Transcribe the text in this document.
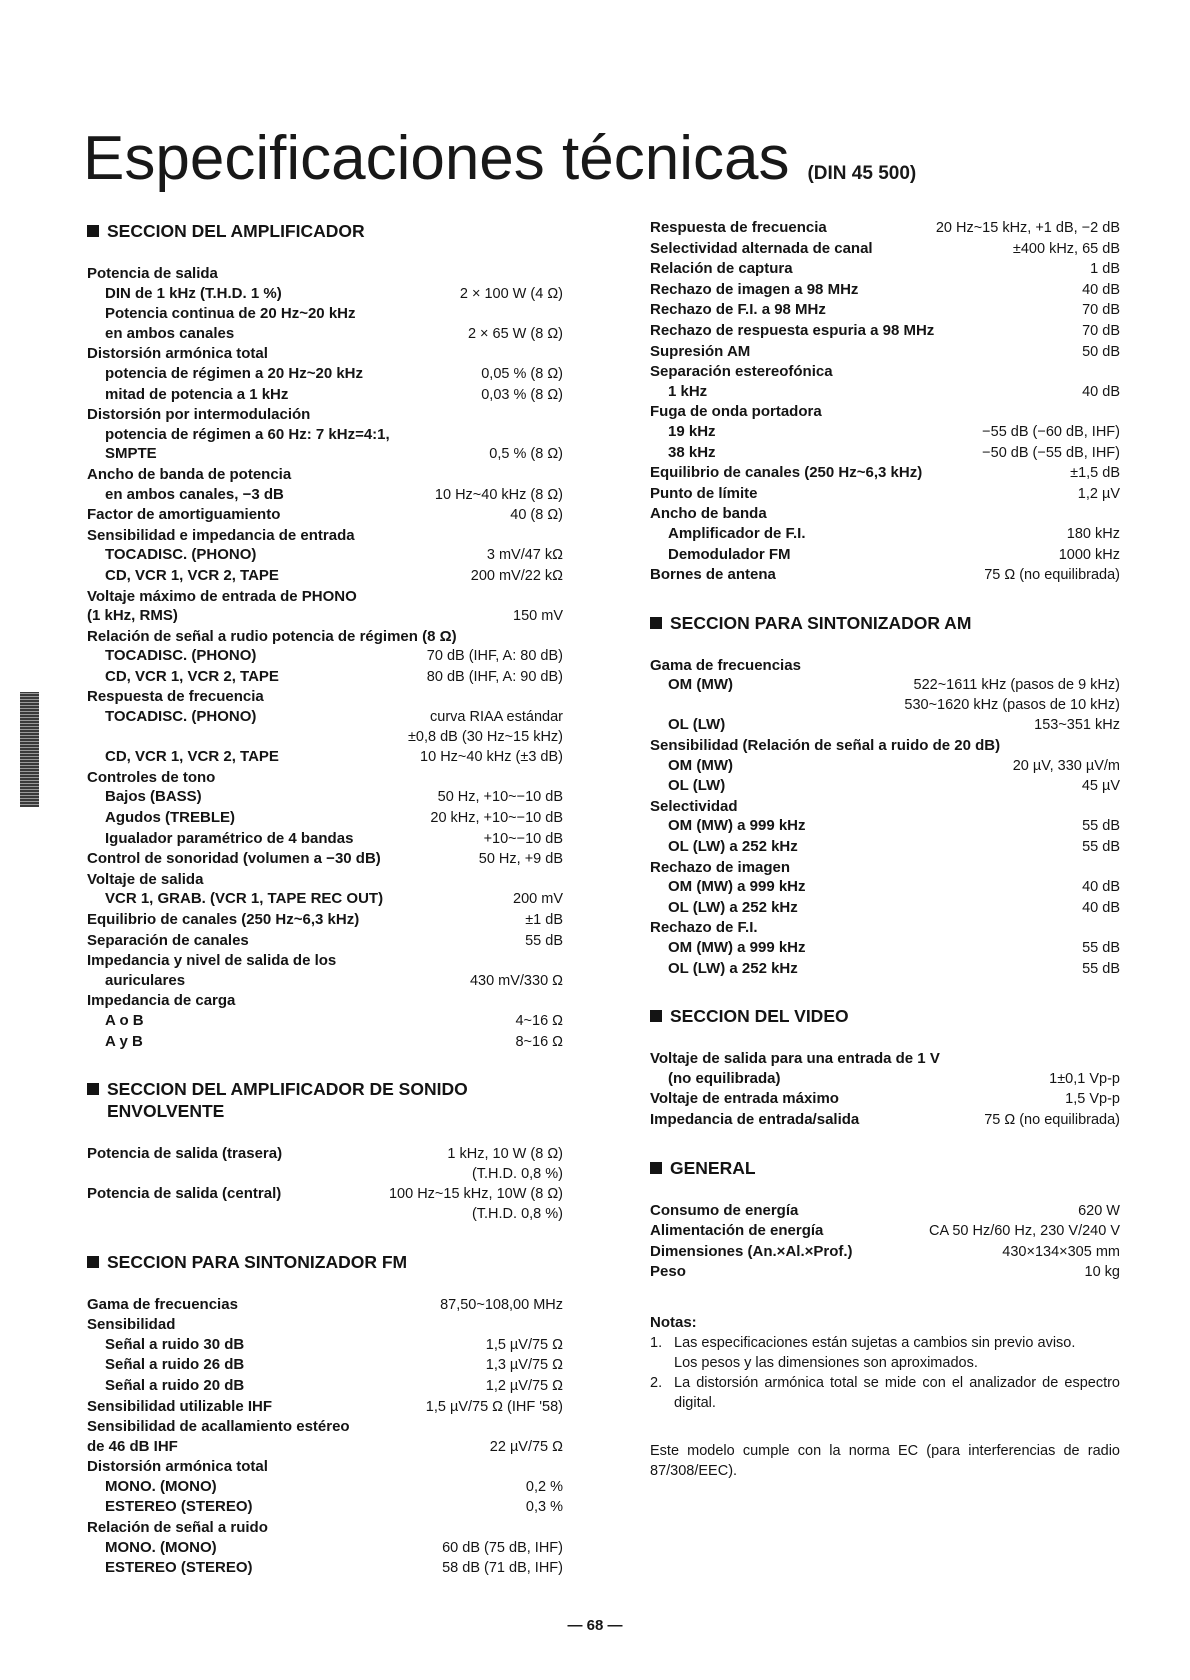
Especificaciones técnicas (DIN 45 500)
SECCION DEL AMPLIFICADOR
Potencia de salida
DIN de 1 kHz (T.H.D. 1 %)	2 × 100 W (4 Ω)
Potencia continua de 20 Hz~20 kHz
en ambos canales	2 × 65 W (8 Ω)
Distorsión armónica total
potencia de régimen a 20 Hz~20 kHz	0,05 % (8 Ω)
mitad de potencia a 1 kHz	0,03 % (8 Ω)
Distorsión por intermodulación
potencia de régimen a 60 Hz: 7 kHz=4:1,
SMPTE	0,5 % (8 Ω)
Ancho de banda de potencia
en ambos canales, −3 dB	10 Hz~40 kHz (8 Ω)
Factor de amortiguamiento	40 (8 Ω)
Sensibilidad e impedancia de entrada
TOCADISC. (PHONO)	3 mV/47 kΩ
CD, VCR 1, VCR 2, TAPE	200 mV/22 kΩ
Voltaje máximo de entrada de PHONO
(1 kHz, RMS)	150 mV
Relación de señal a rudio potencia de régimen (8 Ω)
TOCADISC. (PHONO)	70 dB (IHF, A: 80 dB)
CD, VCR 1, VCR 2, TAPE	80 dB (IHF, A: 90 dB)
Respuesta de frecuencia
TOCADISC. (PHONO)	curva RIAA estándar
±0,8 dB (30 Hz~15 kHz)
CD, VCR 1, VCR 2, TAPE	10 Hz~40 kHz (±3 dB)
Controles de tono
Bajos (BASS)	50 Hz, +10~−10 dB
Agudos (TREBLE)	20 kHz, +10~−10 dB
Igualador paramétrico de 4 bandas	+10~−10 dB
Control de sonoridad (volumen a −30 dB)	50 Hz, +9 dB
Voltaje de salida
VCR 1, GRAB. (VCR 1, TAPE REC OUT)	200 mV
Equilibrio de canales (250 Hz~6,3 kHz)	±1 dB
Separación de canales	55 dB
Impedancia y nivel de salida de los
auriculares	430 mV/330 Ω
Impedancia de carga
A o B	4~16 Ω
A y B	8~16 Ω
SECCION DEL AMPLIFICADOR DE SONIDO ENVOLVENTE
Potencia de salida (trasera)	1 kHz, 10 W (8 Ω)
(T.H.D. 0,8 %)
Potencia de salida (central)	100 Hz~15 kHz, 10W (8 Ω)
(T.H.D. 0,8 %)
SECCION PARA SINTONIZADOR FM
Gama de frecuencias	87,50~108,00 MHz
Sensibilidad
Señal a ruido 30 dB	1,5 µV/75 Ω
Señal a ruido 26 dB	1,3 µV/75 Ω
Señal a ruido 20 dB	1,2 µV/75 Ω
Sensibilidad utilizable IHF	1,5 µV/75 Ω (IHF '58)
Sensibilidad de acallamiento estéreo
de 46 dB IHF	22 µV/75 Ω
Distorsión armónica total
MONO. (MONO)	0,2 %
ESTEREO (STEREO)	0,3 %
Relación de señal a ruido
MONO. (MONO)	60 dB (75 dB, IHF)
ESTEREO (STEREO)	58 dB (71 dB, IHF)
Respuesta de frecuencia	20 Hz~15 kHz, +1 dB, −2 dB
Selectividad alternada de canal	±400 kHz, 65 dB
Relación de captura	1 dB
Rechazo de imagen a 98 MHz	40 dB
Rechazo de F.I. a 98 MHz	70 dB
Rechazo de respuesta espuria a 98 MHz	70 dB
Supresión AM	50 dB
Separación estereofónica
1 kHz	40 dB
Fuga de onda portadora
19 kHz	−55 dB (−60 dB, IHF)
38 kHz	−50 dB (−55 dB, IHF)
Equilibrio de canales (250 Hz~6,3 kHz)	±1,5 dB
Punto de límite	1,2 µV
Ancho de banda
Amplificador de F.I.	180 kHz
Demodulador FM	1000 kHz
Bornes de antena	75 Ω (no equilibrada)
SECCION PARA SINTONIZADOR AM
Gama de frecuencias
OM (MW)	522~1611 kHz (pasos de 9 kHz)
530~1620 kHz (pasos de 10 kHz)
OL (LW)	153~351 kHz
Sensibilidad (Relación de señal a ruido de 20 dB)
OM (MW)	20 µV, 330 µV/m
OL (LW)	45 µV
Selectividad
OM (MW) a 999 kHz	55 dB
OL (LW) a 252 kHz	55 dB
Rechazo de imagen
OM (MW) a 999 kHz	40 dB
OL (LW) a 252 kHz	40 dB
Rechazo de F.I.
OM (MW) a 999 kHz	55 dB
OL (LW) a 252 kHz	55 dB
SECCION DEL VIDEO
Voltaje de salida para una entrada de 1 V
(no equilibrada)	1±0,1 Vp-p
Voltaje de entrada máximo	1,5 Vp-p
Impedancia de entrada/salida	75 Ω (no equilibrada)
GENERAL
Consumo de energía	620 W
Alimentación de energía	CA 50 Hz/60 Hz, 230 V/240 V
Dimensiones (An.×Al.×Prof.)	430×134×305 mm
Peso	10 kg
Notas:
1. Las especificaciones están sujetas a cambios sin previo aviso.
Los pesos y las dimensiones son aproximados.
2. La distorsión armónica total se mide con el analizador de espectro digital.
Este modelo cumple con la norma EC (para interferencias de radio 87/308/EEC).
— 68 —
